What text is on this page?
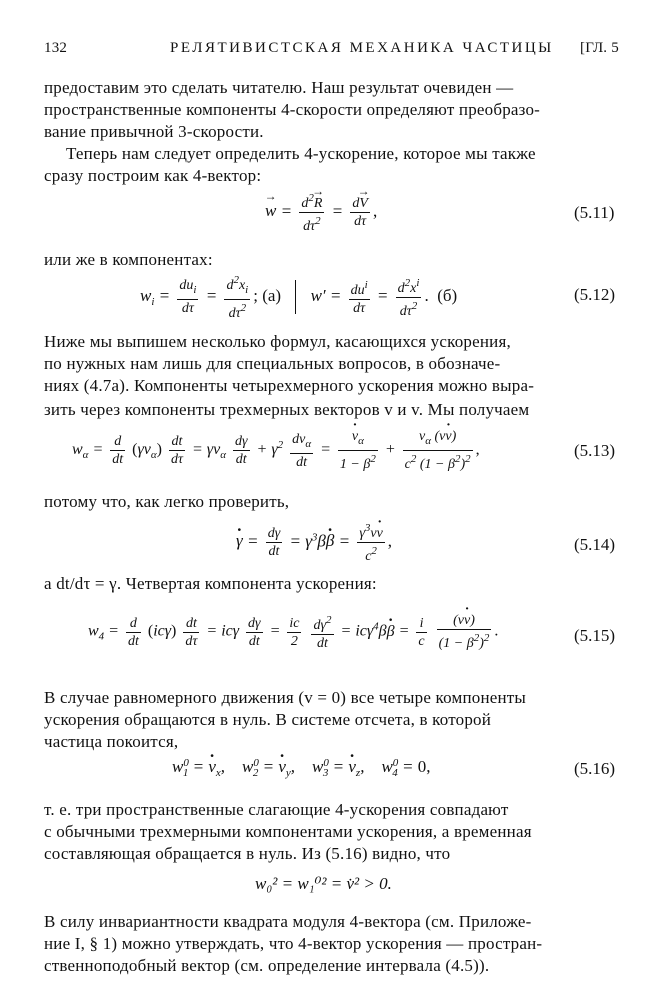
132	РЕЛЯТИВИСТСКАЯ МЕХАНИКА ЧАСТИЦЫ [ГЛ. 5
предоставим это сделать читателю. Наш результат очевиден —
пространственные компоненты 4-скорости определяют преобразо-
вание привычной 3-скорости.
Теперь нам следует определить 4-ускорение, которое мы также
сразу построим как 4-вектор:
→ $w = \frac{d^2\to R}{d\tau^2} = \frac{d\to V}{d\tau}$ ,	(5.11)
или же в компонентах:
$w_i = \frac{du_i}{d\tau} = \frac{d^2x_i}{d\tau^2}$ ; (а)  $w' = \frac{du^i}{d\tau} = \frac{d^2x^i}{d\tau^2}$ . (б)	(5.12)
Ниже мы выпишем несколько формул, касающихся ускорения,
по нужных нам лишь для специальных вопросов, в обозначе-
ниях (4.7а). Компоненты четырехмерного ускорения можно выра-
зить через компоненты трехмерных векторов v и v. Мы получаем
$w_\alpha = \frac{d}{dt} (\gamma v_\alpha) \frac{dt}{d\tau} = \gamma v_\alpha \frac{d\gamma}{dt} + \gamma^2 \frac{dv_\alpha}{dt}$ =
· $\frac{v_\alpha}{1 - \beta^2} + \frac{v_\alpha (v\cdot v)}{c^2 (1 - \beta^2)^2}$ ,	(5.13)
потому что, как легко проверить,
· $\gamma = \frac{d\gamma}{dt} = \gamma^3\beta\cdot \beta = \frac{\gamma^3v\cdot v}{c^2}$ ,	(5.14)
а dt/dτ = γ. Четвертая компонента ускорения:
$w_4 = \frac{d}{dt} (ic\gamma) \frac{dt}{d\tau} = ic\gamma \frac{d\gamma}{dt} = \frac{ic}{2}$
$\frac{d\gamma^2}{dt} = ic\gamma^4\beta\cdot \beta = \frac{i}{c}$
$\frac{(v\cdot v)}{(1 - \beta^2)^2}$ .	(5.15)
В случае равномерного движения (v = 0) все четыре компоненты
ускорения обращаются в нуль. В системе отсчета, в которой
частица покоится,
$w^0_1$ = · $v_x$,    $w^0_2$ = · $v_y$,    $w^0_3$ = · $v_z$,    $w^0_4 = 0$,	(5.16)
т. е. три пространственные слагающие 4-ускорения совпадают
с обычными трехмерными компонентами ускорения, а временная
составляющая обращается в нуль. Из (5.16) видно, что
w₀² = w₁⁰² = v̇² > 0.
В силу инвариантности квадрата модуля 4-вектора (см. Приложе-
ние I, § 1) можно утверждать, что 4-вектор ускорения — простран-
ственноподобный вектор (см. определение интервала (4.5)).
